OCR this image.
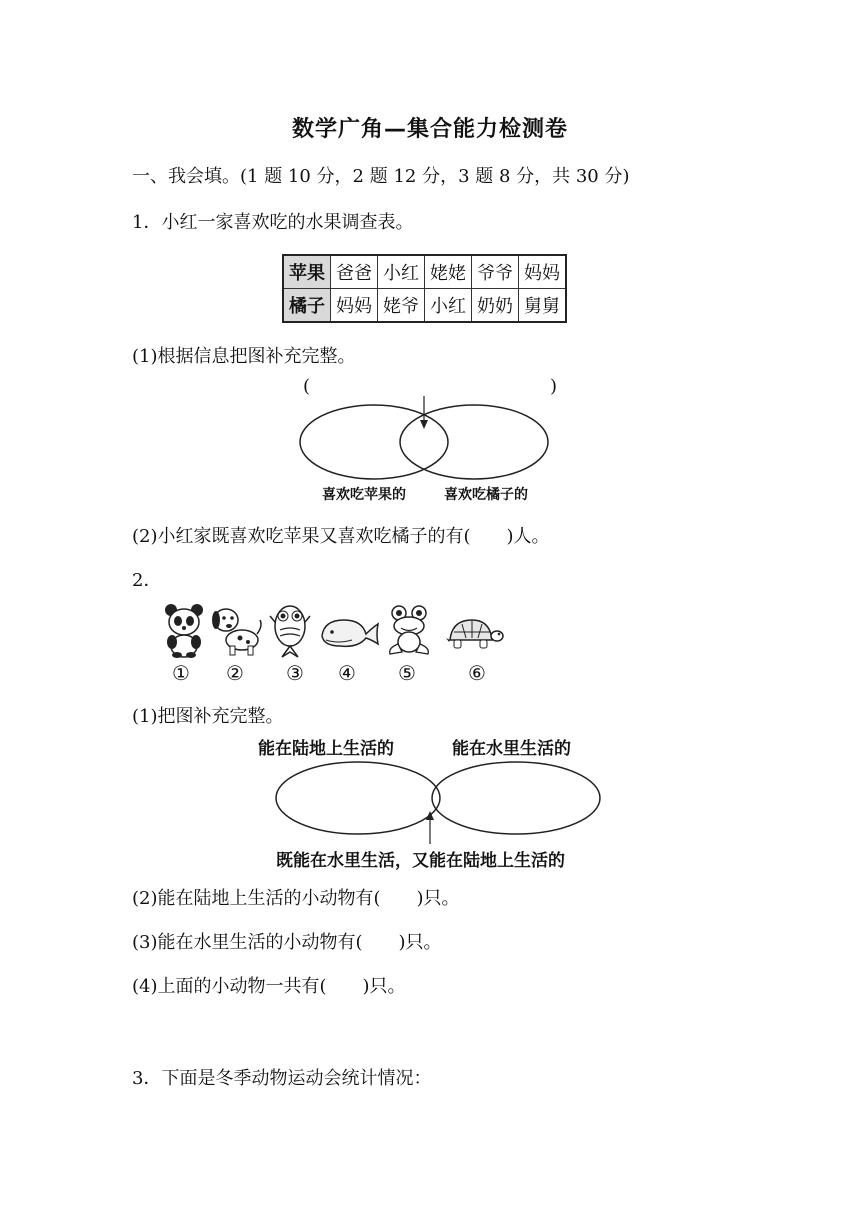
数学广角—集合能力检测卷
一、我会填。(1 题 10 分，2 题 12 分，3 题 8 分，共 30 分)
1．小红一家喜欢吃的水果调查表。
苹果	爸爸	小红	姥姥	爷爷	妈妈
橘子	妈妈	姥爷	小红	奶奶	舅舅
(1)根据信息把图补充完整。
(	)
喜欢吃苹果的	喜欢吃橘子的
(2)小红家既喜欢吃苹果又喜欢吃橘子的有(　　)人。
2．
① ② ③ ④ ⑤	⑥
(1)把图补充完整。
能在陆地上生活的	能在水里生活的
既能在水里生活，又能在陆地上生活的
(2)能在陆地上生活的小动物有(　　)只。
(3)能在水里生活的小动物有(　　)只。
(4)上面的小动物一共有(　　)只。
3．下面是冬季动物运动会统计情况：
